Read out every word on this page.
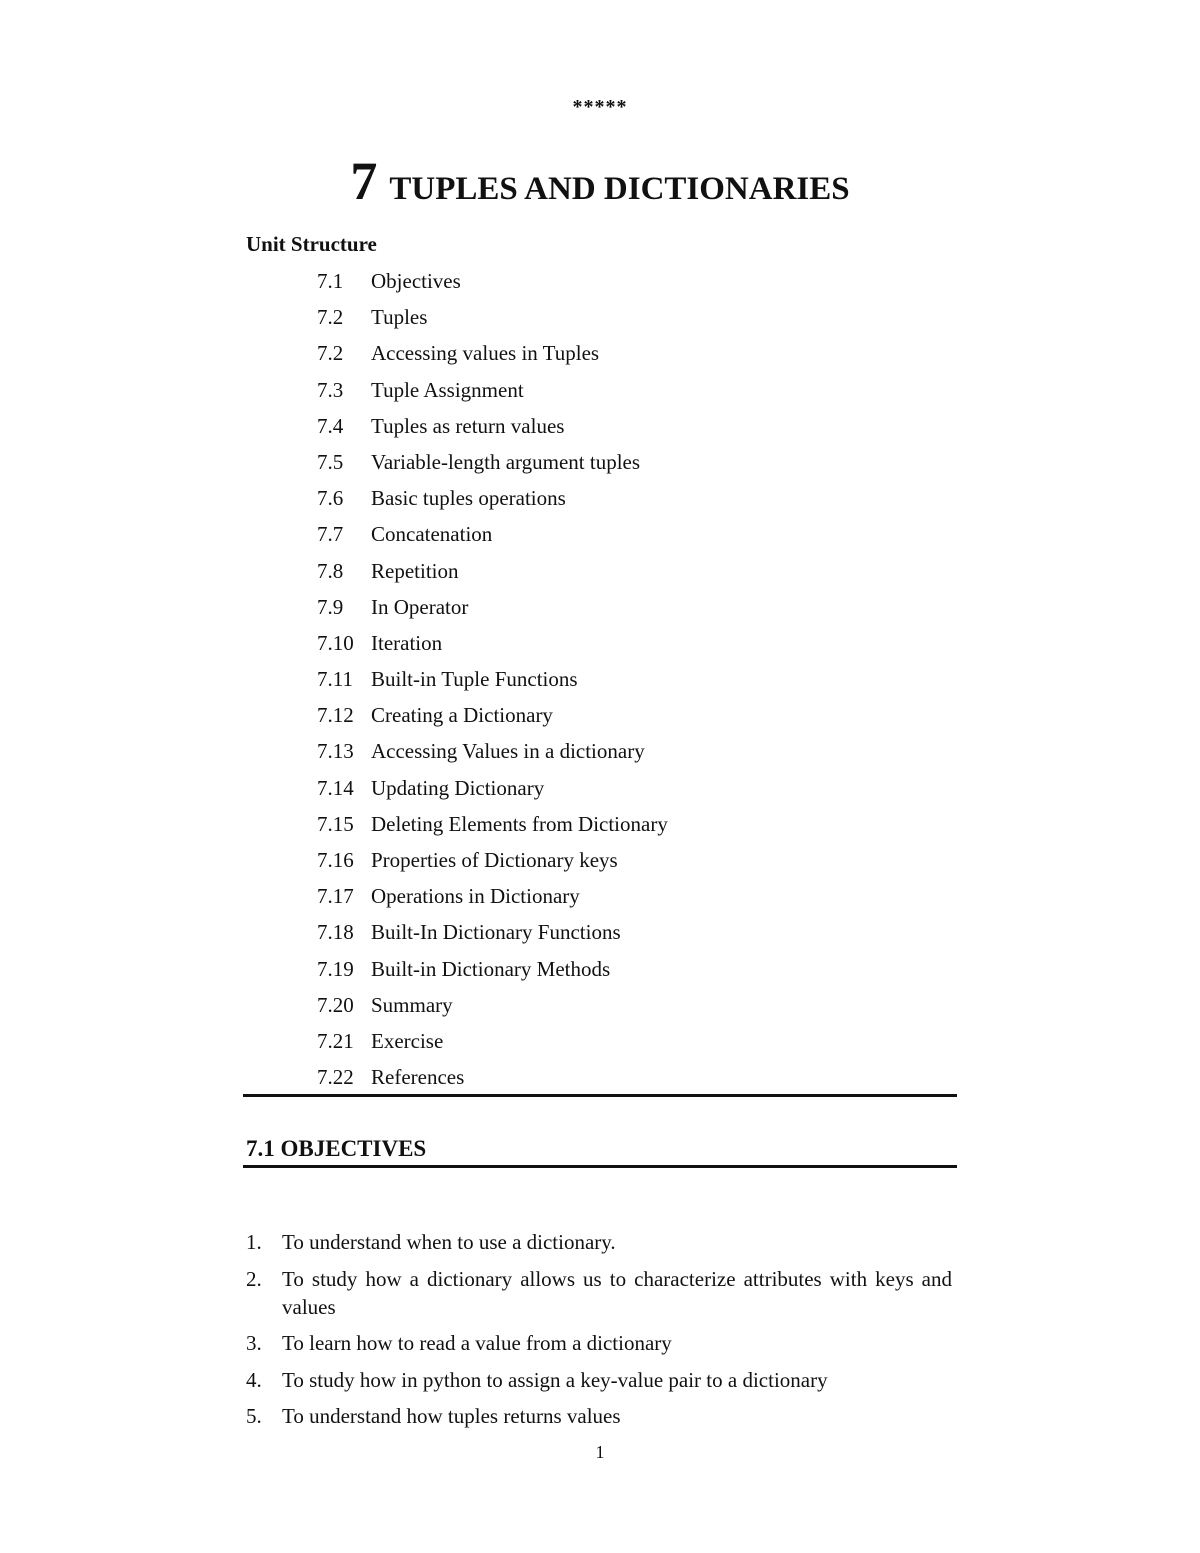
*****
7 TUPLES AND DICTIONARIES
Unit Structure
7.1	Objectives
7.2	Tuples
7.2	Accessing values in Tuples
7.3	Tuple Assignment
7.4	Tuples as return values
7.5	Variable-length argument tuples
7.6	Basic tuples operations
7.7	Concatenation
7.8	Repetition
7.9	In Operator
7.10 Iteration
7.11 Built-in Tuple Functions
7.12 Creating a Dictionary
7.13 Accessing Values in a dictionary
7.14 Updating Dictionary
7.15 Deleting Elements from Dictionary
7.16 Properties of Dictionary keys
7.17 Operations in Dictionary
7.18 Built-In Dictionary Functions
7.19 Built-in Dictionary Methods
7.20 Summary
7.21 Exercise
7.22 References
7.1 OBJECTIVES
1. To understand when to use a dictionary.
2. To study how a dictionary allows us to characterize attributes with keys and values
3. To learn how to read a value from a dictionary
4. To study how in python to assign a key-value pair to a dictionary
5. To understand how tuples returns values
1
